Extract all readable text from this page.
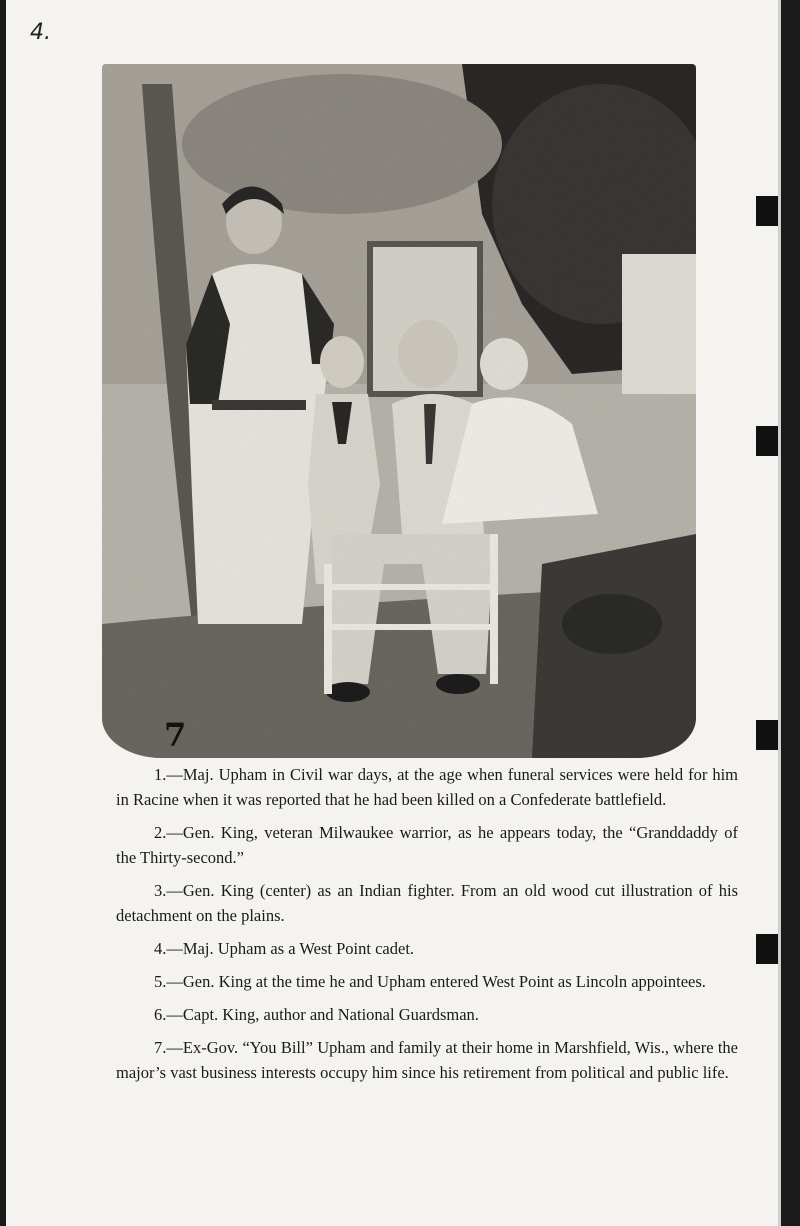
4.
7

1.—Maj. Upham in Civil war days, at the age when funeral services were held for him in Racine when it was reported that he had been killed on a Confederate battlefield.

2.—Gen. King, veteran Milwaukee warrior, as he appears today, the “Granddaddy of the Thirty-second.”

3.—Gen. King (center) as an Indian fighter. From an old wood cut illustration of his detachment on the plains.

4.—Maj. Upham as a West Point cadet.

5.—Gen. King at the time he and Upham entered West Point as Lincoln appointees.

6.—Capt. King, author and National Guardsman.

7.—Ex-Gov. “You Bill” Upham and family at their home in Marshfield, Wis., where the major’s vast business interests occupy him since his retirement from political and public life.
